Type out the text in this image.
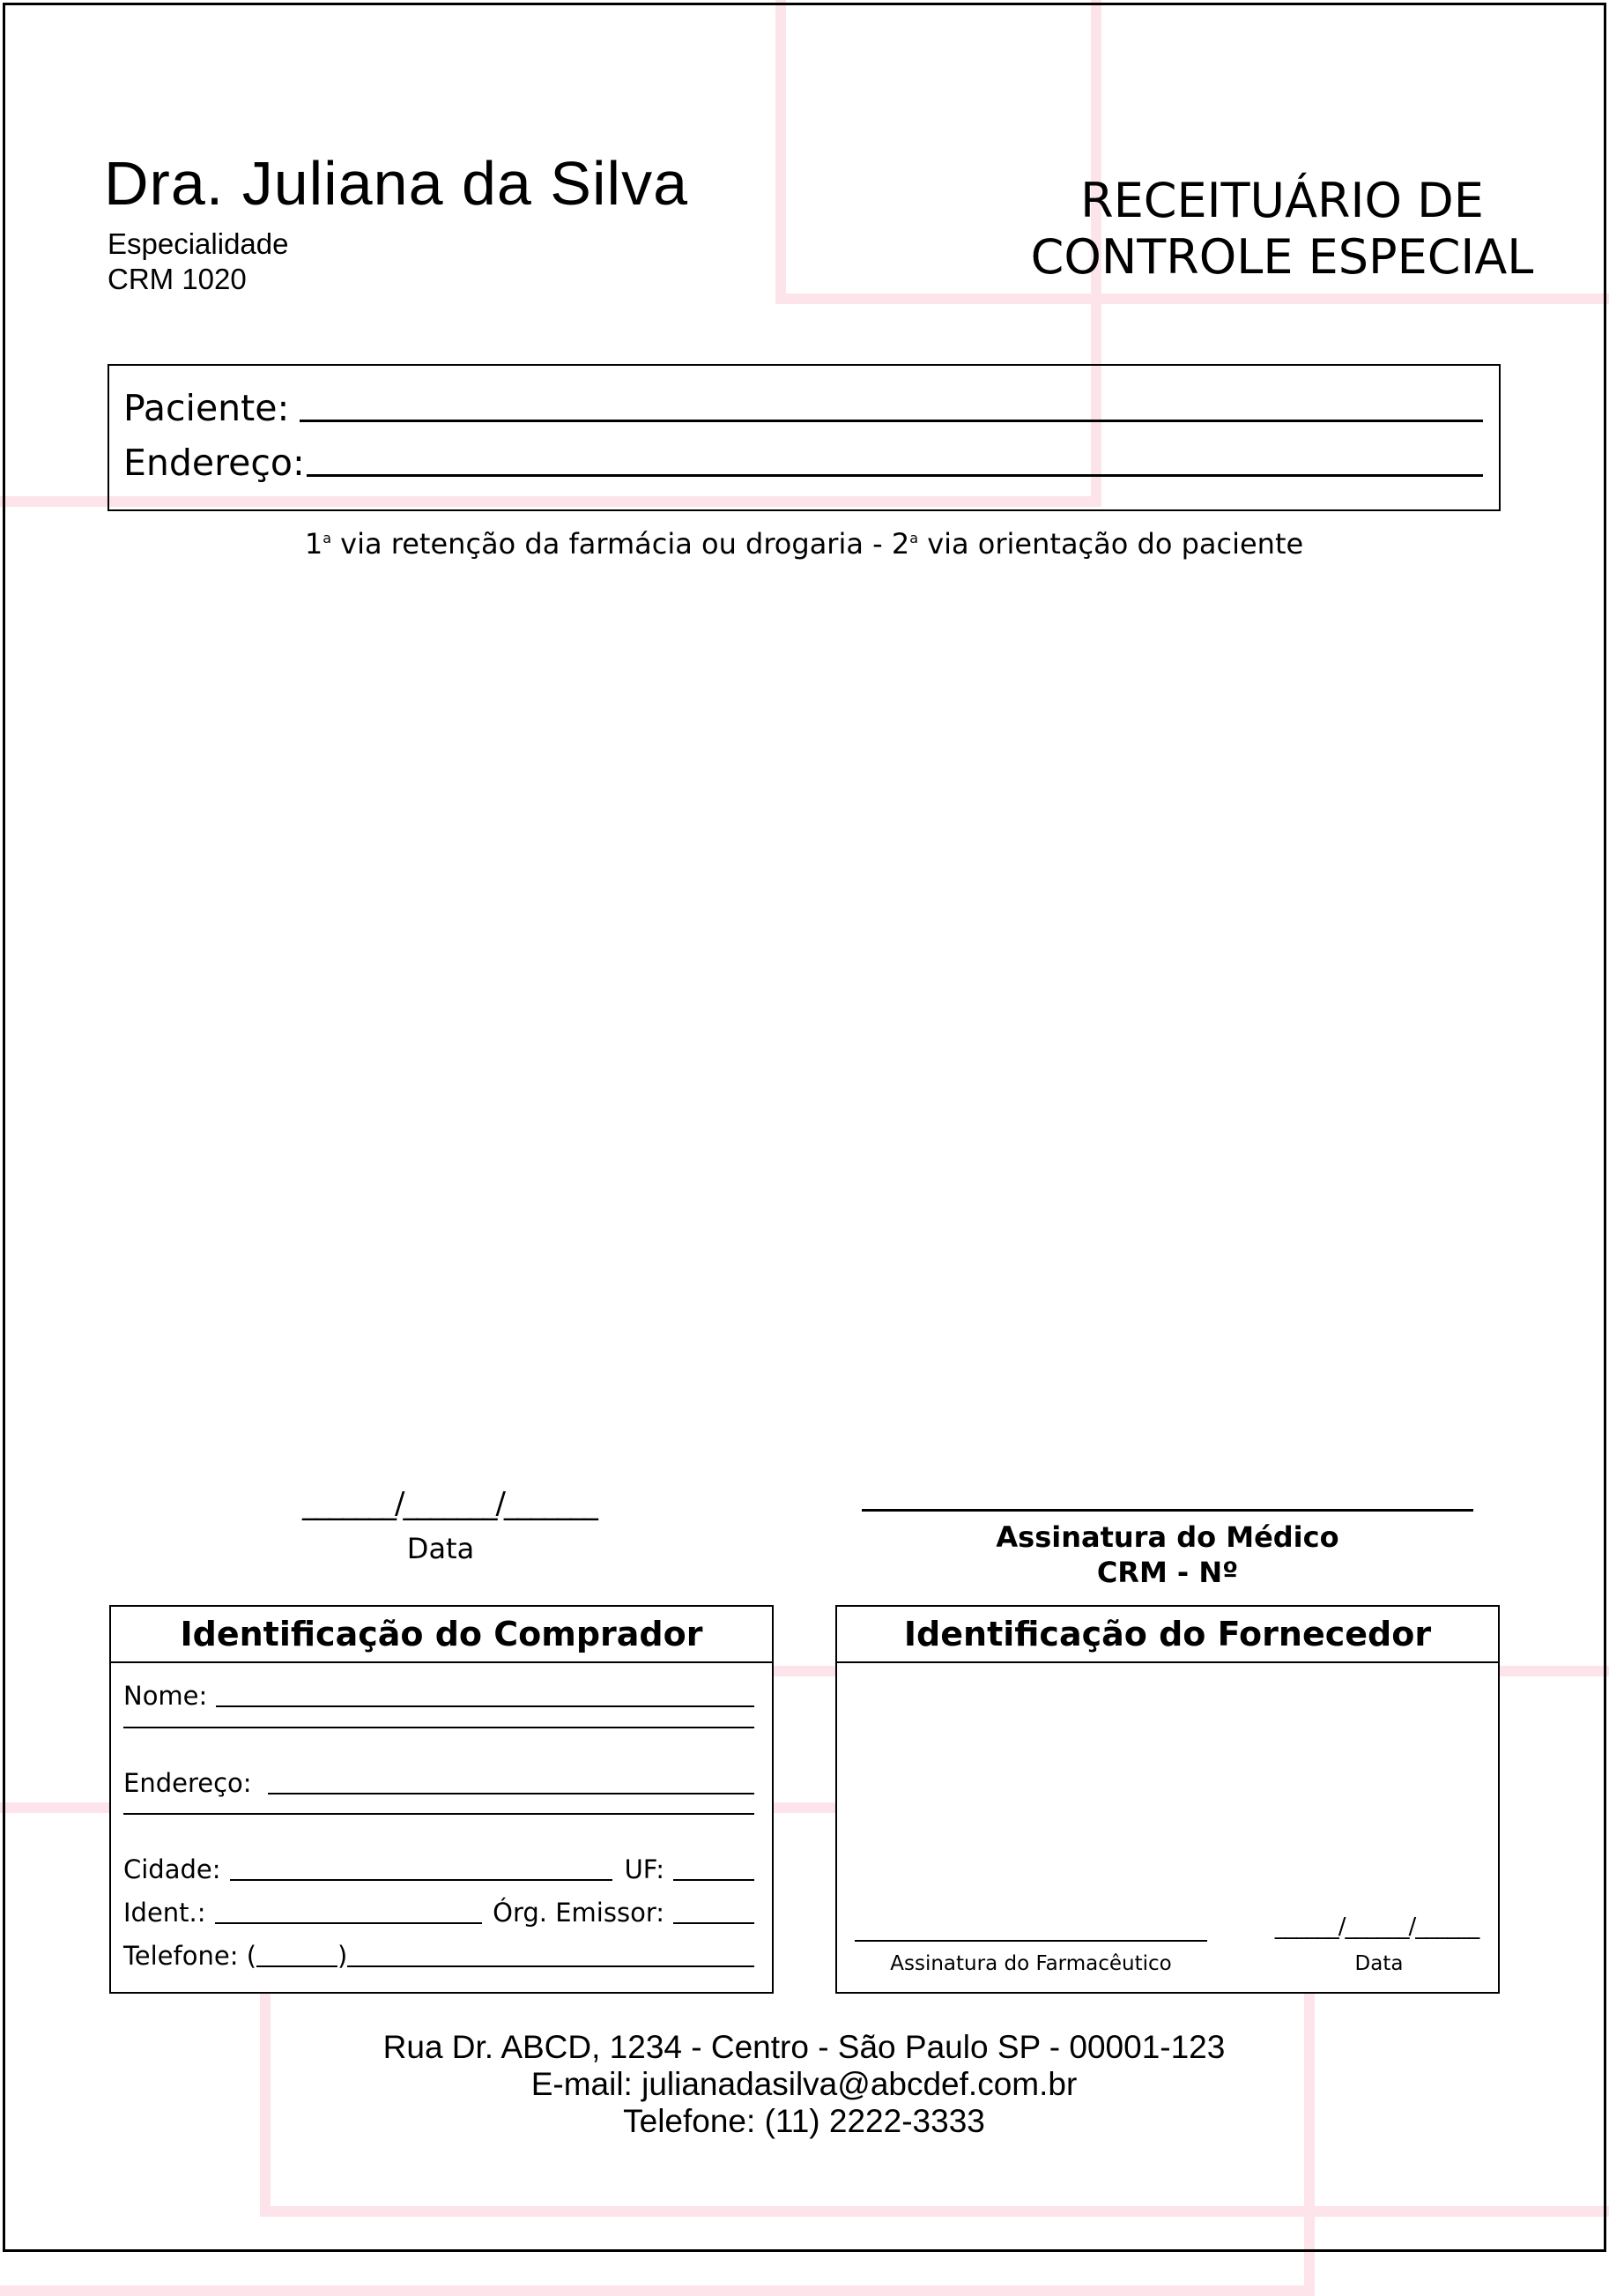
Dra. Juliana da Silva
Especialidade
CRM 1020
RECEITUÁRIO DE
CONTROLE ESPECIAL
Paciente:
Endereço:
1$^a$ via retenção da farmácia ou drogaria - 2$^a$ via orientação do paciente
_______/_______/_______
Data	Assinatura do Médico
CRM - Nº
Identificação do Comprador
Nome:
Endereço:
Cidade:	UF:
Ident.:	Órg. Emissor:
Telefone: (	)
Identificação do Fornecedor
Assinatura do Farmacêutico
______/______/______
Data
Rua Dr. ABCD, 1234 - Centro - São Paulo SP - 00001-123
E-mail: julianadasilva@abcdef.com.br
Telefone: (11) 2222-3333
